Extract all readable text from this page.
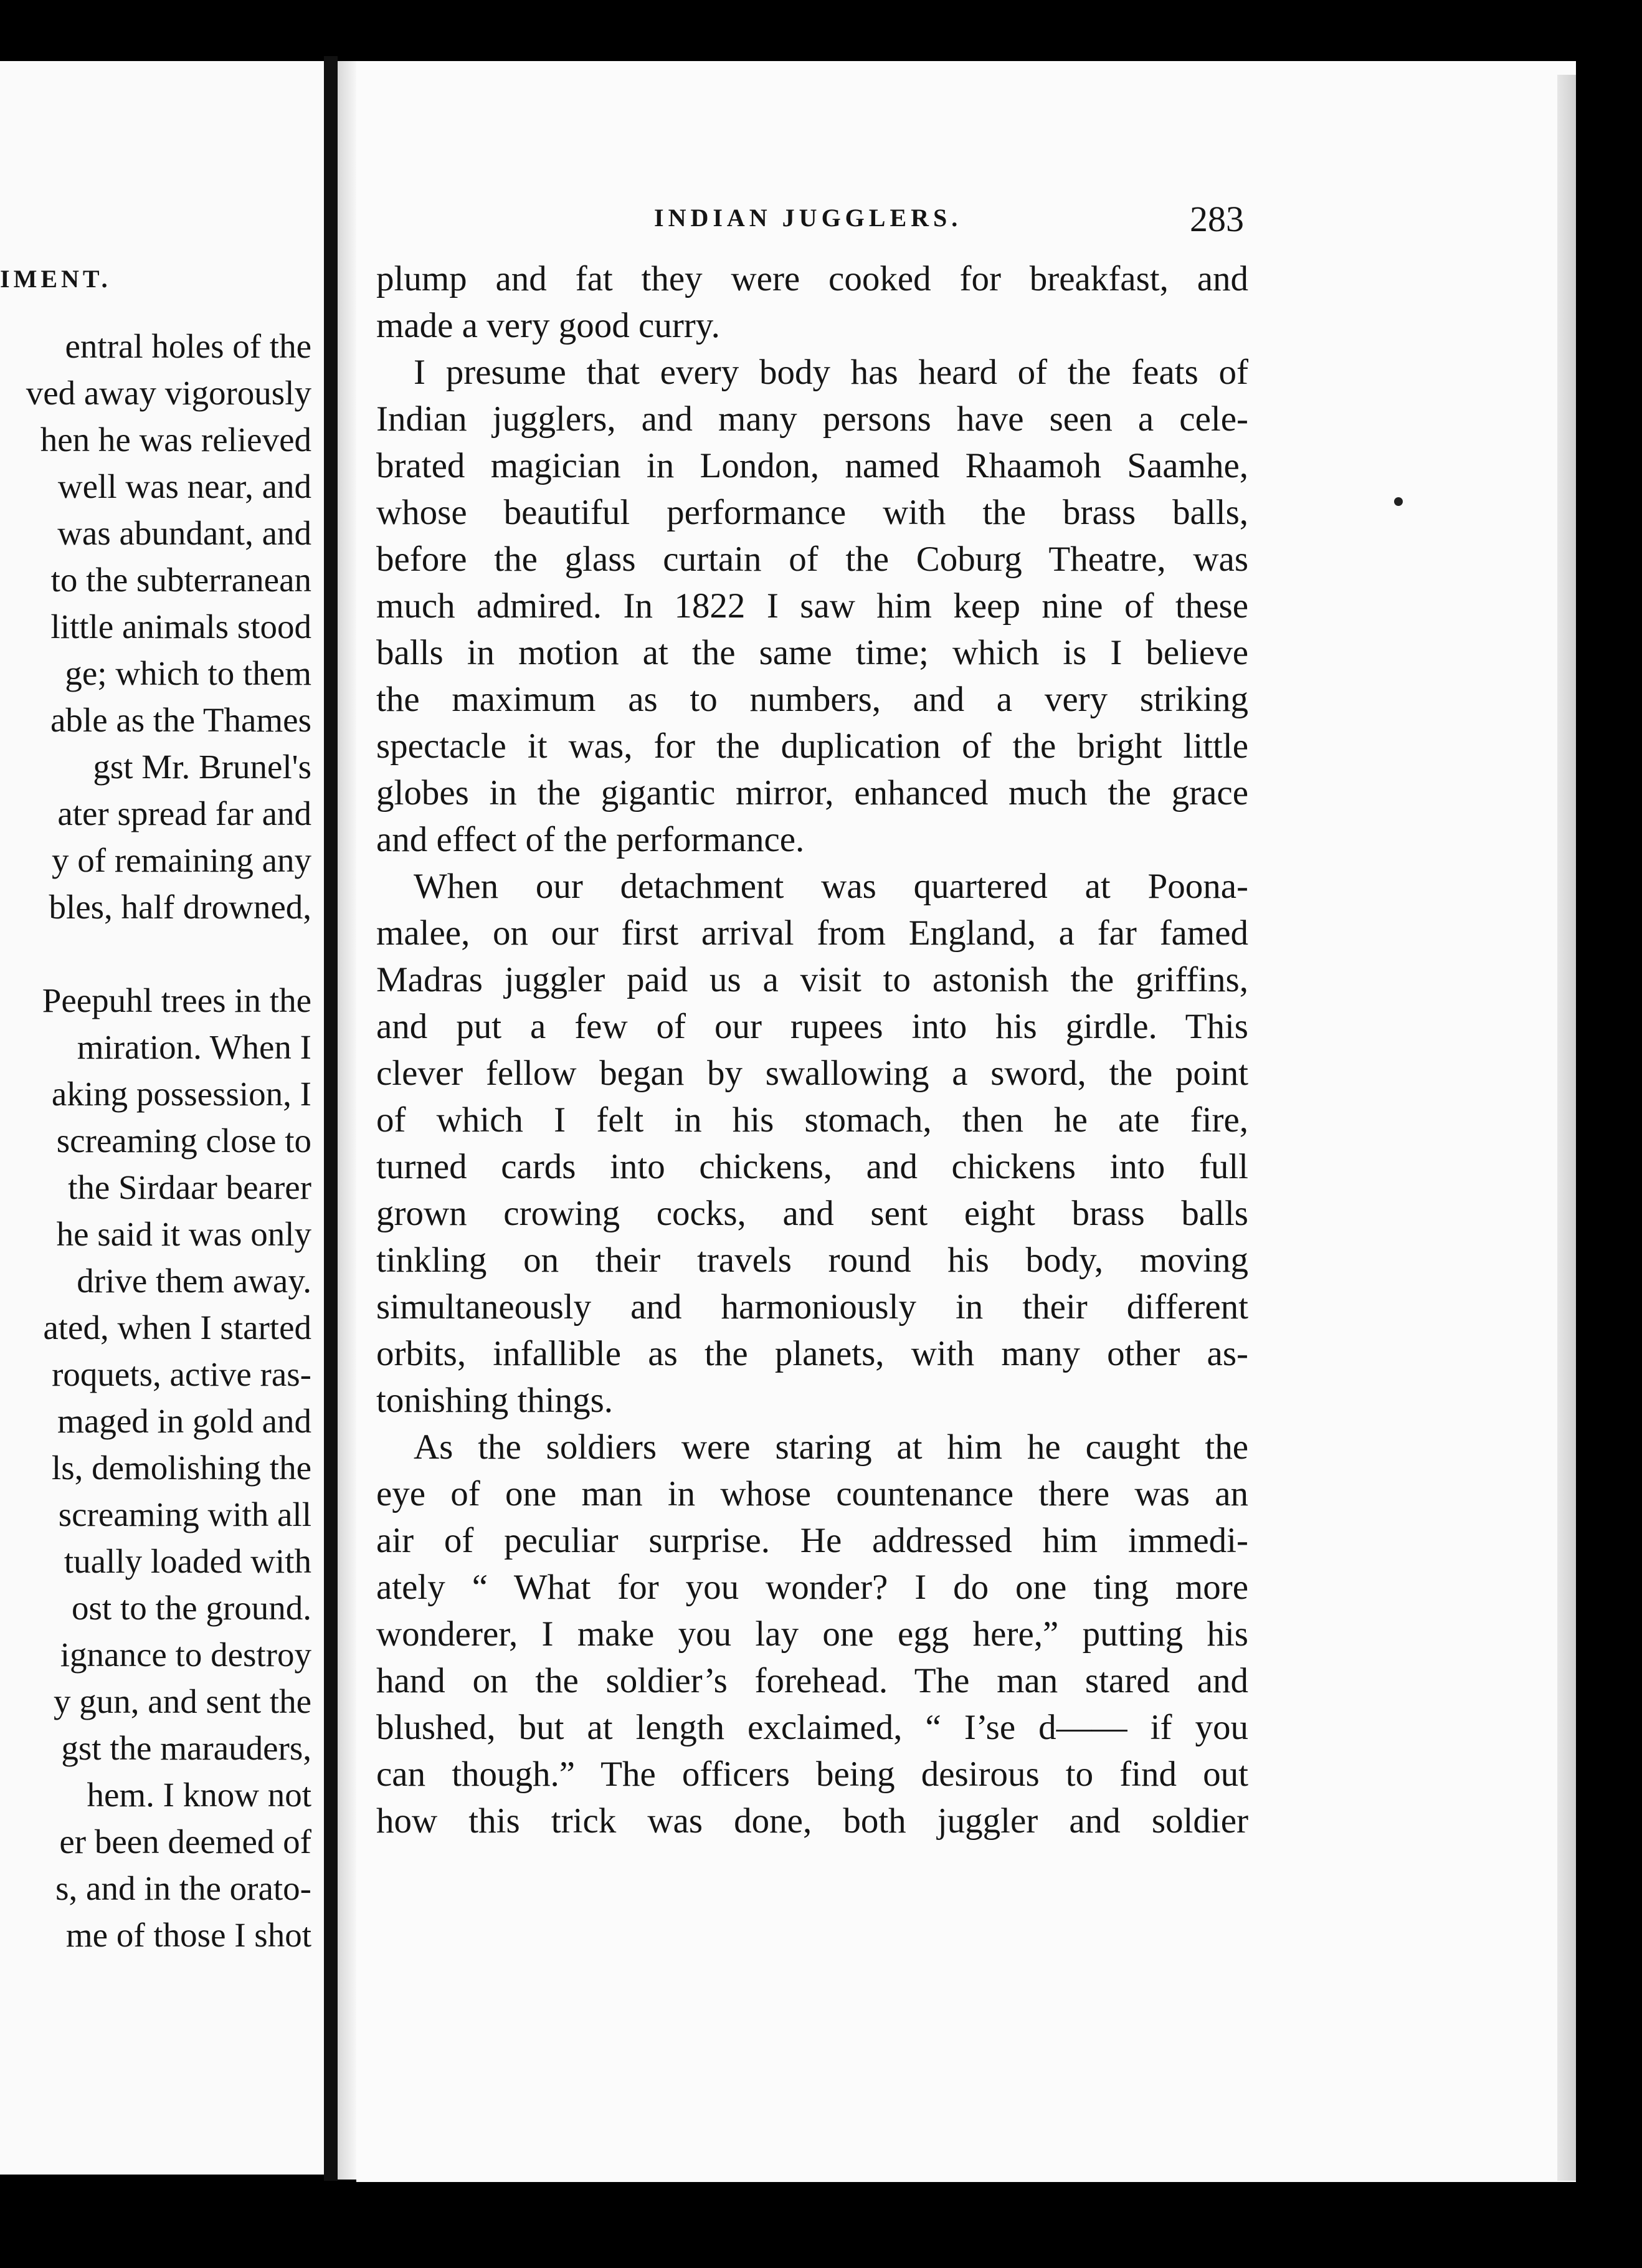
IMENT.
entral holes of the
ved away vigorously
hen he was relieved
well was near, and
was abundant, and
to the subterranean
little animals stood
ge; which to them
able as the Thames
gst Mr. Brunel's
ater spread far and
y of remaining any
bles, half drowned,
Peepuhl trees in the
miration. When I
aking possession, I
screaming close to
the Sirdaar bearer
he said it was only
drive them away.
ated, when I started
roquets, active ras-
maged in gold and
ls, demolishing the
screaming with all
tually loaded with
ost to the ground.
ignance to destroy
y gun, and sent the
gst the marauders,
hem. I know not
er been deemed of
s, and in the orato-
me of those I shot
INDIAN JUGGLERS.	283
plump and fat they were cooked for breakfast, and
made a very good curry.
I presume that every body has heard of the feats of
Indian jugglers, and many persons have seen a cele-
brated magician in London, named Rhaamoh Saamhe,
whose beautiful performance with the brass balls,
before the glass curtain of the Coburg Theatre, was
much admired. In 1822 I saw him keep nine of these
balls in motion at the same time; which is I believe
the maximum as to numbers, and a very striking
spectacle it was, for the duplication of the bright little
globes in the gigantic mirror, enhanced much the grace
and effect of the performance.
When our detachment was quartered at Poona-
malee, on our first arrival from England, a far famed
Madras juggler paid us a visit to astonish the griffins,
and put a few of our rupees into his girdle. This
clever fellow began by swallowing a sword, the point
of which I felt in his stomach, then he ate fire,
turned cards into chickens, and chickens into full
grown crowing cocks, and sent eight brass balls
tinkling on their travels round his body, moving
simultaneously and harmoniously in their different
orbits, infallible as the planets, with many other as-
tonishing things.
As the soldiers were staring at him he caught the
eye of one man in whose countenance there was an
air of peculiar surprise. He addressed him immedi-
ately “ What for you wonder? I do one ting more
wonderer, I make you lay one egg here,” putting his
hand on the soldier’s forehead. The man stared and
blushed, but at length exclaimed, “ I’se d—— if you
can though.” The officers being desirous to find out
how this trick was done, both juggler and soldier
